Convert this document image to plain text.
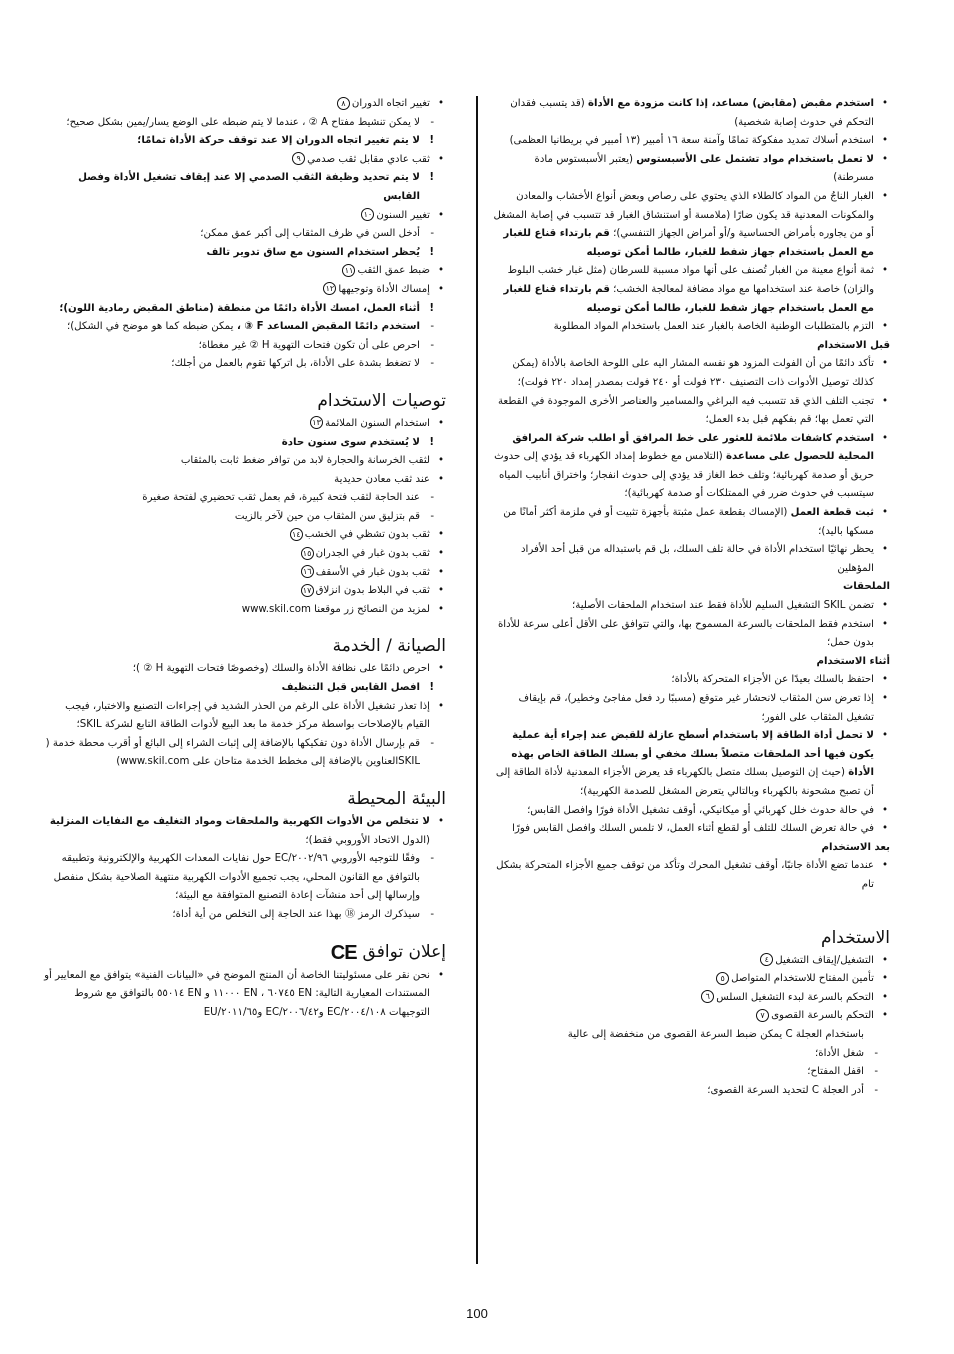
• استخدم مقبض (مقابض) مساعد، إذا كانت مزودة مع الأداة (قد يتسبب فقدان التحكم في حدوث إصابة شخصية)
• استخدم أسلاك تمديد مفكوكة تمامًا وآمنة سعة ١٦ أمبير (١٣ أمبير في بريطانيا العظمى)
• لا تعمل باستخدام مواد تشتمل على الأسبستوس (يعتبر الأسبستوس مادة مسرطنة)
• الغبار الناجُ من المواد كالطلاء الذي يحتوي على رصاص وبعض أنواع الأخشاب والمعادن والمكونات المعدنية قد يكون ضارًا (ملامسة أو استنشاق الغبار قد تتسبب في إصابة المشغل أو من يجاوره بأمراض الحساسية و/أو أمراض الجهاز التنفسي)؛ قم بارتداء قناع للغبار مع العمل باستخدام جهاز شفط للغبار، طالما أمكن توصيله
• ثمة أنواع معينة من الغبار تُصنف على أنها مواد مسببة للسرطان (مثل غبار خشب البلوط والزان) خاصة عند استخدامها مع مواد مضافة لمعالجة الخشب؛ قم بارتداء قناع للغبار مع العمل باستخدام جهاز شفط للغبار، طالما أمكن توصيله
• التزم بالمتطلبات الوطنية الخاصة بالغبار عند العمل باستخدام المواد المطلوبة
قبل الاستخدام
• تأكد دائمًا من أن الفولت المزود هو نفسه المشار اليه على اللوحة الخاصة بالأداة (يمكن كذلك توصيل الأدوات ذات التصنيف ٢٣٠ فولت أو ٢٤٠ فولت بمصدر إمداد ٢٢٠ فولت)؛
• تجنب التلف الذي قد تتسبب فيه البراغي والمسامير والعناصر الأخرى الموجودة في القطعة التي تعمل بها؛ قم بفكهم قبل بدء العمل؛
• استخدم كاشفات ملائمة للعثور على خط المرافق أو اطلب شركة المرافق المحلية للحصول على مساعدة (التلامس مع خطوط إمداد الكهرباء قد يؤدي إلى حدوث حريق أو صدمة كهربائية؛ وتلف خط الغاز قد يؤدي إلى حدوث انفجار؛ واختراق أنابيب المياه سيتسبب في حدوث ضرر في الممتلكات أو صدمة كهربائية)؛
• ثبت قطعة العمل (الإمساك بقطعة عمل مثبتة بأجهزة تثبيت أو في ملزمة أكثر أمانًا من مسكها باليد)؛
• يحظر نهائيًا استخدام الأداة في حالة تلف السلك، بل قم باستبداله من قبل أحد الأفراد المؤهلين
الملحقات
• تضمن SKIL التشغيل السليم للأداة فقط عند استخدام الملحقات الأصلية؛
• استخدم فقط الملحقات بالسرعة المسموح بها، والتي تتوافق على الأقل أعلى سرعة للأداة بدون حمل؛
أثناء الاستخدام
• احتفظ بالسلك بعيدًا عن الأجزاء المتحركة بالأداة؛
• إذا تعرض سن المثقاب لانحشار غير متوقع (مسببًا رد فعل مفاجئ وخطير)، قم بإيقاف تشغيل المثقاب على الفور؛
• لا تحمل أداة الطاقة إلا باستخدام أسطح عازلة للقبض عند إجراء أية عملية يكون فيها أحد الملحقات متصلاً بسلك مخفي أو بسلك الطاقة الخاص بهذه الأداة (حيث إن التوصيل بسلك متصل بالكهرباء قد يعرض الأجزاء المعدنية لأداة الطاقة إلى أن تصبح مشحونة بالكهرباء وبالتالي يتعرض المشغل للصدمة الكهربية)؛
• في حالة حدوث خلل كهربائي أو ميكانيكي، أوقف تشغيل الأداة فورًا وافصل القابس؛
• في حالة تعرض السلك للتلف أو لقطع أثناء العمل، لا تلمس السلك وافصل القابس فورًا
بعد الاستخدام
• عندما تضع الأداة جانبًا، أوقف تشغيل المحرك وتأكد من توقف جميع الأجزاء المتحركة بشكل تام
الاستخدام
• التشغيل/إيقاف التشغيل٤
• تأمين المفتاح للاستخدام المتواصل٥
• التحكم بالسرعة لبدء التشغيل السلس٦
• التحكم بالسرعة القصوى٧
باستخدام العجلة C يمكن ضبط السرعة القصوى من منخفضة إلى عالية
- شغل الأداة؛
- اقفل المفتاح؛
- أدر العجلة C لتحديد السرعة القصوى؛
• تغيير اتجاه الدوران٨
- لا يمكن تنشيط مفتاح A ② ، عندما لا يتم ضبطه على الوضع يسار/يمين بشكل صحيح؛
! لا يتم تغيير اتجاه الدوران إلا عند توقف حركة الأداة تمامًا؛
• ثقب عادي مقابل ثقب صدمي٩
! لا يتم تحديد وظيفة الثقب الصدمي إلا عند إيقاف تشغيل الأداة وفصل القابس
• تغيير السنون١٠
- أدخل السن في ظرف المثقاب إلى أكبر عمق ممكن؛
! يُحظر استخدام السنون مع ساق تدوير تالف
• ضبط عمق الثقب١١
• إمساك الأداة وتوجيهها١٢
! أثناء العمل، امسك الأداة دائمًا من منطقة (مناطق المقبض رمادية اللون)؛
- استخدم دائمًا المقبض المساعد F ③ ، يمكن ضبطه كما هو موضح في الشكل)؛
- احرص على أن تكون فتحات التهوية H ② غير مغطاة؛
- لا تضغط بشدة على الأداة، بل اتركها تقوم بالعمل من أجلك؛
توصيات الاستخدام
• استخدام السنون الملائمة١٣
! لا يُستخدم سوى سنون حادة
• لثقب الخرسانة والحجارة لابد من توافر ضغط ثابت بالمثقاب
• عند ثقب معادن حديدية
- عند الحاجة لثقب فتحة كبيرة، قم بعمل ثقب تحضيري لفتحة صغيرة
- قم بتزليق سن المثقاب من حين لآخر بالزيت
• ثقب بدون تشظي في الخشب١٤
• ثقب بدون غبار في الجدران١٥
• ثقب بدون غبار في الأسقف١٦
• ثقب في البلاط بدون انزلاق١٧
• لمزيد من النصائح زر موقعنا www.skil.com
الصيانة / الخدمة
• احرص دائمًا على نظافة الأداة والسلك (وخصوصًا فتحات التهوية H ② )؛
! افصل القابس قبل التنظيف
• إذا تعذر تشغيل الأداة على الرغم من الحذر الشديد في إجراءات التصنيع والاختبار، فيجب القيام بالإصلاحات بواسطة مركز خدمة ما بعد البيع لأدوات الطاقة التابع لشركة SKIL؛
- قم بإرسال الأداة دون تفكيكها بالإضافة إلى إثبات الشراء إلى البائع أو أقرب محطة خدمة ( SKILالعناوين بالإضافة إلى مخطط الخدمة متاحان على www.skil.com)
البيئة المحيطة
• لا تتخلص من الأدوات الكهربية والملحقات ومواد التغليف مع النفايات المنزلية (الدول الاتحاد الأوروبي فقط)؛
- وفقًا للتوجيه الأوروبي ٢٠٠٢/٩٦/EC حول نفايات المعدات الكهربية والإلكترونية وتطبيقه بالتوافق مع القانون المحلي، يجب تجميع الأدوات الكهربية منتهية الصلاحية بشكل منفصل وإرسالها إلى أحد منشآت إعادة التصنيع المتوافقة مع البيئة؛
- سيذكرك الرمز ⑱ بهذا عند الحاجة إلى التخلص من أية أداة؛
إعلان توافقCE
• نحن نقر على مسئوليتنا الخاصة أن المنتج الموضح في «البيانات الفنية» يتوافق مع المعايير أو المستندات المعيارية التالية: EN ٦٠٧٤٥ ، EN ١١٠٠٠ و EN ٥٥٠١٤ بالتوافق مع شروط التوجيهات ٢٠٠٤/١٠٨/EC و٢٠٠٦/٤٢/EC و٢٠١١/٦٥/EU
100
